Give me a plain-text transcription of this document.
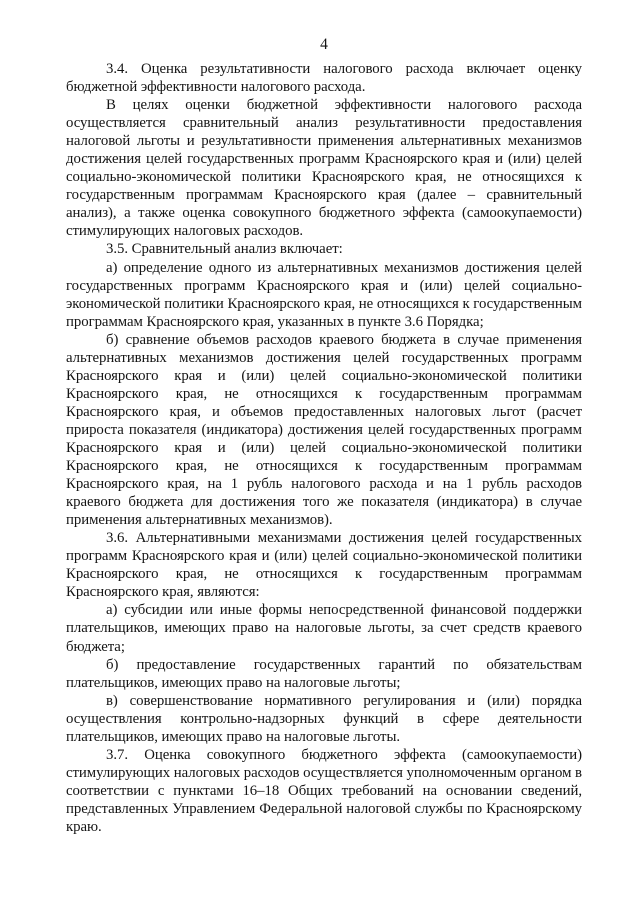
4

3.4. Оценка результативности налогового расхода включает оценку бюджетной эффективности налогового расхода.

В целях оценки бюджетной эффективности налогового расхода осуществляется сравнительный анализ результативности предоставления налоговой льготы и результативности применения альтернативных механизмов достижения целей государственных программ Красноярского края и (или) целей социально-экономической политики Красноярского края, не относящихся к государственным программам Красноярского края (далее – сравнительный анализ), а также оценка совокупного бюджетного эффекта (самоокупаемости) стимулирующих налоговых расходов.

3.5. Сравнительный анализ включает:

а) определение одного из альтернативных механизмов достижения целей государственных программ Красноярского края и (или) целей социально-экономической политики Красноярского края, не относящихся к государственным программам Красноярского края, указанных в пункте 3.6 Порядка;

б) сравнение объемов расходов краевого бюджета в случае применения альтернативных механизмов достижения целей государственных программ Красноярского края и (или) целей социально-экономической политики Красноярского края, не относящихся к государственным программам Красноярского края, и объемов предоставленных налоговых льгот (расчет прироста показателя (индикатора) достижения целей государственных программ Красноярского края и (или) целей социально-экономической политики Красноярского края, не относящихся к государственным программам Красноярского края, на 1 рубль налогового расхода и на 1 рубль расходов краевого бюджета для достижения того же показателя (индикатора) в случае применения альтернативных механизмов).

3.6. Альтернативными механизмами достижения целей государственных программ Красноярского края и (или) целей социально-экономической политики Красноярского края, не относящихся к государственным программам Красноярского края, являются:

а) субсидии или иные формы непосредственной финансовой поддержки плательщиков, имеющих право на налоговые льготы, за счет средств краевого бюджета;

б) предоставление государственных гарантий по обязательствам плательщиков, имеющих право на налоговые льготы;

в) совершенствование нормативного регулирования и (или) порядка осуществления контрольно-надзорных функций в сфере деятельности плательщиков, имеющих право на налоговые льготы.

3.7. Оценка совокупного бюджетного эффекта (самоокупаемости) стимулирующих налоговых расходов осуществляется уполномоченным органом в соответствии с пунктами 16–18 Общих требований на основании сведений, представленных Управлением Федеральной налоговой службы по Красноярскому краю.
